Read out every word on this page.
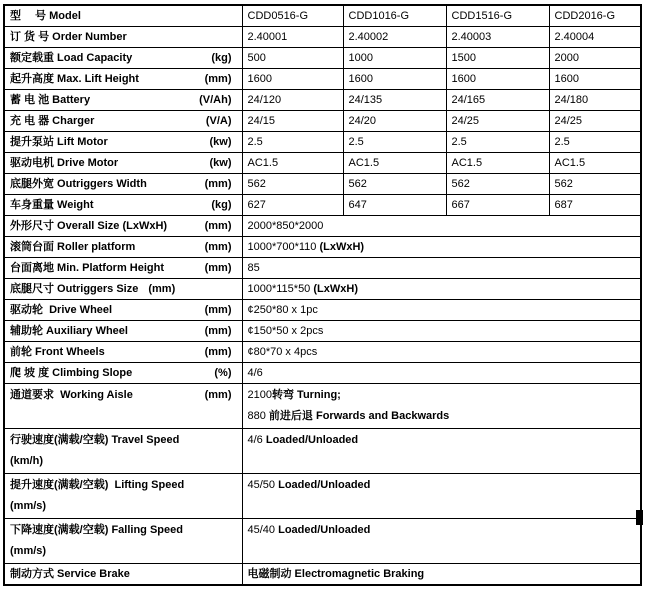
型　 号 Model	CDD0516-G	CDD1016-G	CDD1516-G	CDD2016-G
订 货 号 Order Number	2.40001	2.40002	2.40003	2.40004

额定载重 Load Capacity (kg)	500	1000	1500	2000

起升高度 Max. Lift Height (mm)	1600	1600	1600	1600

蓄 电 池 Battery (V/Ah)	24/120	24/135	24/165	24/180

充 电 器 Charger (V/A)	24/15	24/20	24/25	24/25

提升泵站 Lift Motor (kw)	2.5	2.5	2.5	2.5

驱动电机 Drive Motor (kw)	AC1.5	AC1.5	AC1.5	AC1.5

底腿外宽 Outriggers Width (mm)	562	562	562	562

车身重量 Weight (kg)	627	647	667	687

外形尺寸 Overall Size (LxWxH) (mm)	2000*850*2000			

滚筒台面 Roller platform (mm)	1000*700*110 (LxWxH)			

台面离地 Min. Platform Height (mm)	85			

底腿尺寸 Outriggers Size (mm)	1000*115*50 (LxWxH)			

驱动轮  Drive Wheel (mm)	¢250*80 x 1pc			

辅助轮 Auxiliary Wheel (mm)	¢150*50 x 2pcs			

前轮 Front Wheels (mm)	¢80*70 x 4pcs			

爬 坡 度 Climbing Slope (%)	4/6			

通道要求  Working Aisle	(mm)	2100转弯 Turning;
880 前进后退 Forwards and Backwards

行驶速度(满载/空载) Travel Speed
(km/h)	4/6 Loaded/Unloaded			

提升速度(满载/空载)  Lifting Speed
(mm/s)	45/50 Loaded/Unloaded			

下降速度(满载/空载) Falling Speed
(mm/s)	45/40 Loaded/Unloaded			

制动方式 Service Brake	电磁制动 Electromagnetic Braking			
